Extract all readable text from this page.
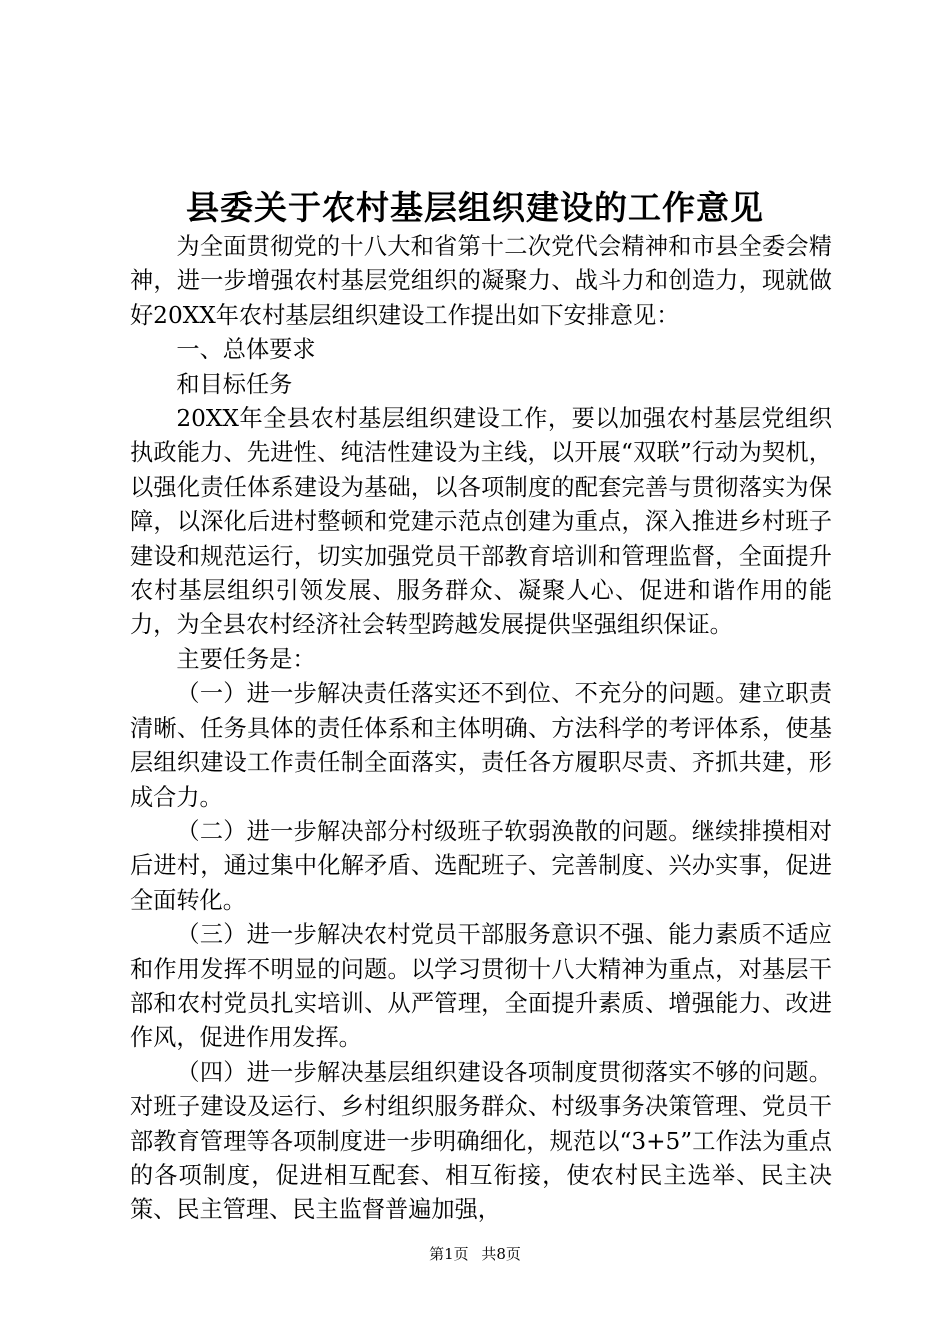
县委关于农村基层组织建设的工作意见

为全面贯彻党的十八大和省第十二次党代会精神和市县全委会精神，进一步增强农村基层党组织的凝聚力、战斗力和创造力，现就做好20XX年农村基层组织建设工作提出如下安排意见：

一、总体要求

和目标任务

20XX年全县农村基层组织建设工作，要以加强农村基层党组织执政能力、先进性、纯洁性建设为主线，以开展“双联”行动为契机，以强化责任体系建设为基础，以各项制度的配套完善与贯彻落实为保障，以深化后进村整顿和党建示范点创建为重点，深入推进乡村班子建设和规范运行，切实加强党员干部教育培训和管理监督，全面提升农村基层组织引领发展、服务群众、凝聚人心、促进和谐作用的能力，为全县农村经济社会转型跨越发展提供坚强组织保证。

主要任务是：

（一）进一步解决责任落实还不到位、不充分的问题。建立职责清晰、任务具体的责任体系和主体明确、方法科学的考评体系，使基层组织建设工作责任制全面落实，责任各方履职尽责、齐抓共建，形成合力。

（二）进一步解决部分村级班子软弱涣散的问题。继续排摸相对后进村，通过集中化解矛盾、选配班子、完善制度、兴办实事，促进全面转化。

（三）进一步解决农村党员干部服务意识不强、能力素质不适应和作用发挥不明显的问题。以学习贯彻十八大精神为重点，对基层干部和农村党员扎实培训、从严管理，全面提升素质、增强能力、改进作风，促进作用发挥。

（四）进一步解决基层组织建设各项制度贯彻落实不够的问题。对班子建设及运行、乡村组织服务群众、村级事务决策管理、党员干部教育管理等各项制度进一步明确细化，规范以“3+5”工作法为重点的各项制度，促进相互配套、相互衔接，使农村民主选举、民主决策、民主管理、民主监督普遍加强，

第1页 共8页
